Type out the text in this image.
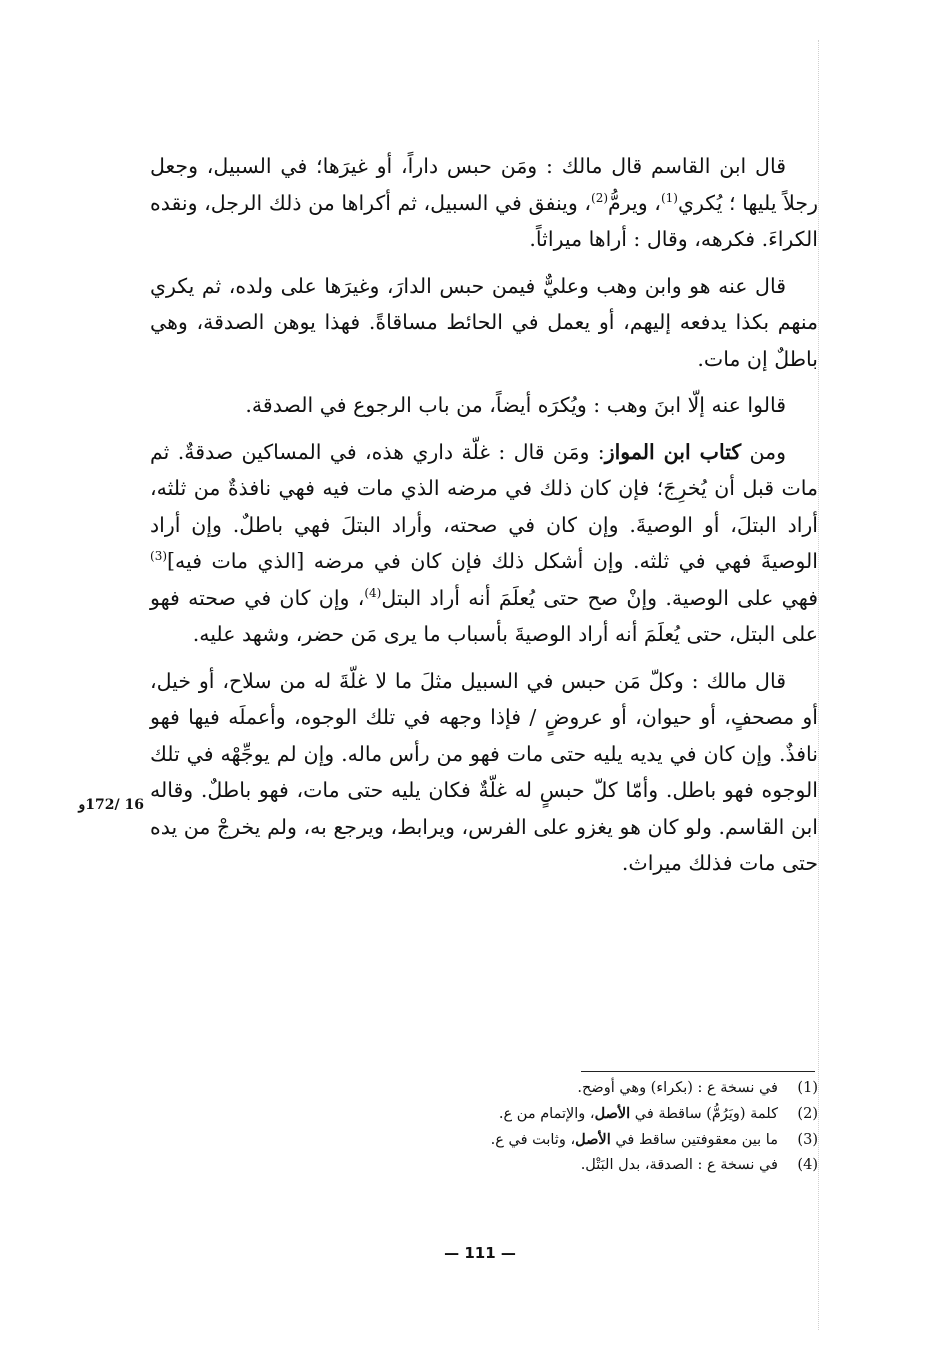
قال ابن القاسم قال مالك : ومَن حبس داراً، أو غيرَها؛ في السبيل، وجعل رجلاً يليها ؛ يُكري$^{(1)}$، ويرمُّ$^{(2)}$، وينفق في السبيل، ثم أكراها من ذلك الرجل، ونقده الكراءَ. فكرهه، وقال : أراها ميراثاً.

قال عنه هو وابن وهب وعليٌّ فيمن حبس الدارَ، وغيرَها على ولده، ثم يكري منهم بكذا يدفعه إليهم، أو يعمل في الحائط مساقاةً. فهذا يوهن الصدقة، وهي باطلٌ إن مات.

قالوا عنه إلّا ابنَ وهب : ويُكرَه أيضاً، من باب الرجوع في الصدقة.

ومن كتاب ابن المواز: ومَن قال : غلّة داري هذه، في المساكين صدقةٌ. ثم مات قبل أن يُخرِجَ؛ فإن كان ذلك في مرضه الذي مات فيه فهي نافذةٌ من ثلثه، أراد البتلَ، أو الوصيةَ. وإن كان في صحته، وأراد البتلَ فهي باطلٌ. وإن أراد الوصيةَ فهي في ثلثه. وإن أشكل ذلك فإن كان في مرضه [الذي مات فيه]$^{(3)}$ فهي على الوصية. وإنْ صح حتى يُعلَمَ أنه أراد البتل$^{(4)}$، وإن كان في صحته فهو على البتل، حتى يُعلَمَ أنه أراد الوصيةَ بأسباب ما يرى مَن حضر، وشهد عليه.

قال مالك : وكلّ مَن حبس في السبيل مثلَ ما لا غلّةَ له من سلاح، أو خيل، أو مصحفٍ، أو حيوان، أو عروضٍ / فإذا وجهه في تلك الوجوه، وأعملَه فيها فهو نافذٌ. وإن كان في يديه يليه حتى مات فهو من رأس ماله. وإن لم يوجِّهْه في تلك الوجوه فهو باطل. وأمّا كلّ حبسٍ له غلّةٌ فكان يليه حتى مات، فهو باطلٌ. وقاله ابن القاسم. ولو كان هو يغزو على الفرس، ويرابط، ويرجع به، ولم يخرجْ من يده حتى مات فذلك ميراث.

16 /172و
(1)
في نسخة ع : (بكراء) وهي أوضح.
(2)
كلمة (ويَرُمُّ) ساقطة في الأصل، والإتمام من ع.
(3)
ما بين معقوفتين ساقط في الأصل، وثابت في ع.
(4)
في نسخة ع : الصدقة، بدل البَتْل.
— 111 —
